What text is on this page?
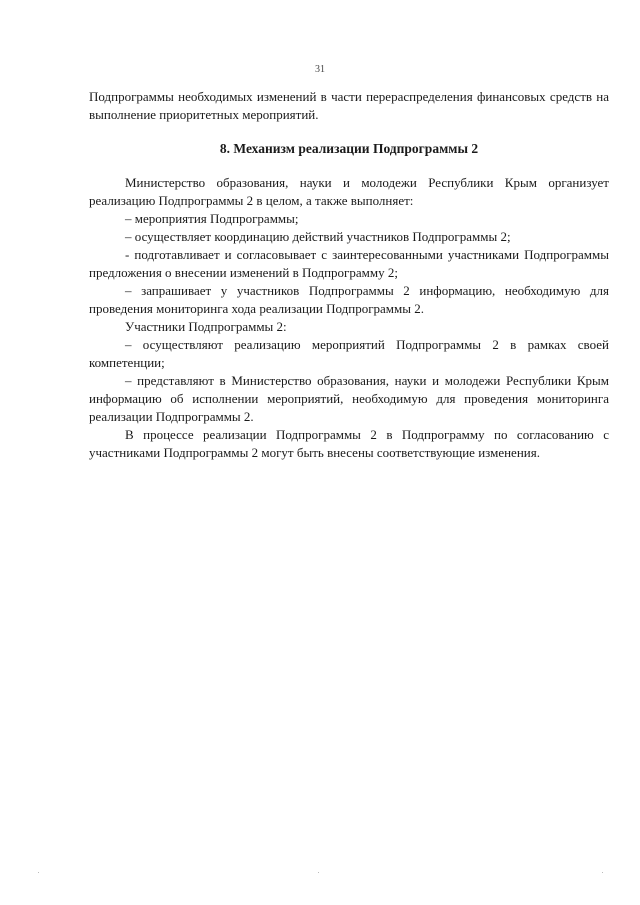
31

Подпрограммы необходимых изменений в части перераспределения финансовых средств на выполнение приоритетных мероприятий.

8. Механизм реализации Подпрограммы 2

Министерство образования, науки и молодежи Республики Крым организует реализацию Подпрограммы 2 в целом, а также выполняет:

– мероприятия Подпрограммы;

– осуществляет координацию действий участников Подпрограммы 2;

- подготавливает и согласовывает с заинтересованными участниками Подпрограммы предложения о внесении изменений в Подпрограмму 2;

– запрашивает у участников Подпрограммы 2 информацию, необходимую для проведения мониторинга хода реализации Подпрограммы 2.

Участники Подпрограммы 2:

– осуществляют реализацию мероприятий Подпрограммы 2 в рамках своей компетенции;

– представляют в Министерство образования, науки и молодежи Республики Крым информацию об исполнении мероприятий, необходимую для проведения мониторинга реализации Подпрограммы 2.

В процессе реализации Подпрограммы 2 в Подпрограмму по согласованию с участниками Подпрограммы 2 могут быть внесены соответствующие изменения.
